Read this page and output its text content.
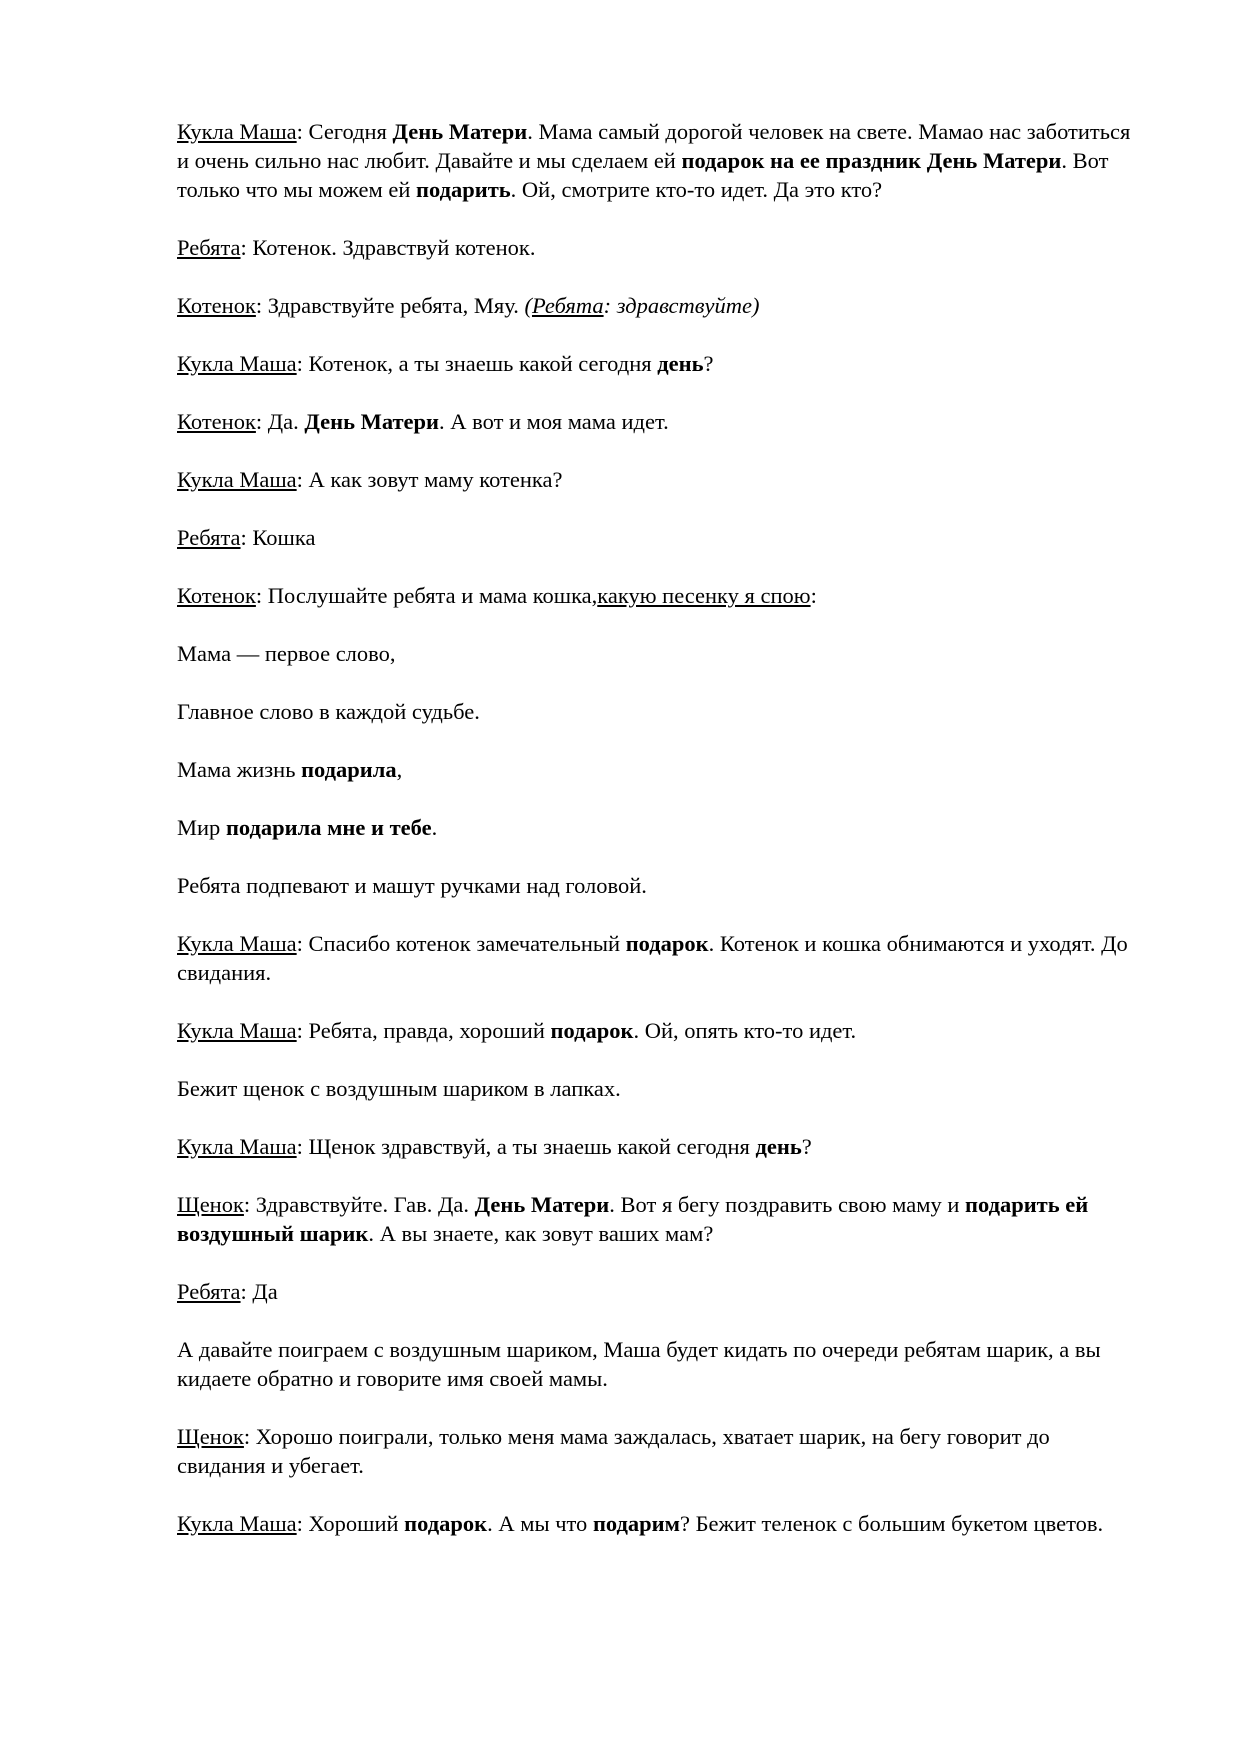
Кукла Маша: Сегодня День Матери. Мама самый дорогой человек на свете. Мамао нас заботиться и очень сильно нас любит. Давайте и мы сделаем ей подарок на ее праздник День Матери. Вот только что мы можем ей подарить. Ой, смотрите кто-то идет. Да это кто?

Ребята: Котенок. Здравствуй котенок.

Котенок: Здравствуйте ребята, Мяу. (Ребята: здравствуйте)

Кукла Маша: Котенок, а ты знаешь какой сегодня день?

Котенок: Да. День Матери. А вот и моя мама идет.

Кукла Маша: А как зовут маму котенка?

Ребята: Кошка

Котенок: Послушайте ребята и мама кошка,какую песенку я спою:

Мама — первое слово,

Главное слово в каждой судьбе.

Мама жизнь подарила,

Мир подарила мне и тебе.

Ребята подпевают и машут ручками над головой.

Кукла Маша: Спасибо котенок замечательный подарок. Котенок и кошка обнимаются и уходят. До свидания.

Кукла Маша: Ребята, правда, хороший подарок. Ой, опять кто-то идет.

Бежит щенок с воздушным шариком в лапках.

Кукла Маша: Щенок здравствуй, а ты знаешь какой сегодня день?

Щенок: Здравствуйте. Гав. Да. День Матери. Вот я бегу поздравить свою маму и подарить ей воздушный шарик. А вы знаете, как зовут ваших мам?

Ребята: Да

А давайте поиграем с воздушным шариком, Маша будет кидать по очереди ребятам шарик, а вы кидаете обратно и говорите имя своей мамы.

Щенок: Хорошо поиграли, только меня мама заждалась, хватает шарик, на бегу говорит до свидания и убегает.

Кукла Маша: Хороший подарок. А мы что подарим? Бежит теленок с большим букетом цветов.
